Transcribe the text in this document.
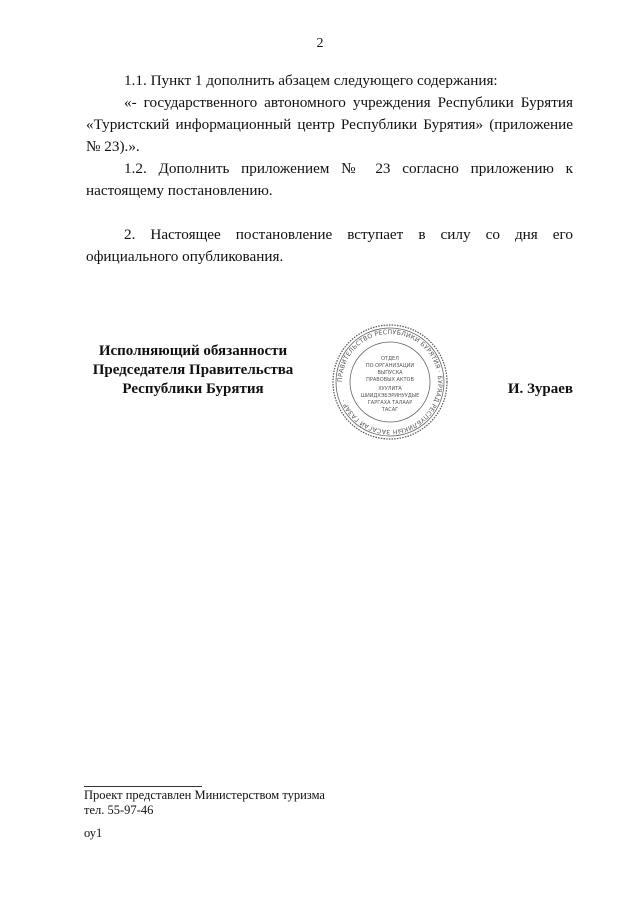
2

1.1. Пункт 1 дополнить абзацем следующего содержания:

«- государственного автономного учреждения Республики Бурятия «Туристский информационный центр Республики Бурятия» (приложение № 23).».

1.2. Дополнить приложением № 23 согласно приложению к настоящему постановлению.

2. Настоящее постановление вступает в силу со дня его официального опубликования.

Исполняющий обязанности
Председателя Правительства
Республики Бурятия
ПРАВИТЕЛЬСТВО РЕСПУБЛИКИ БУРЯТИЯ · БУРЯАД РЕСПУБЛИКЫН ЗАСАГАЙ ГАЗАР ·
ОТДЕЛ
ПО ОРГАНИЗАЦИИ
ВЫПУСКА
ПРАВОВЫХ АКТОВ
ХУУЛИТА
ШИИДХЭБЭРИНУУДЫЕ
ГАРГАХА ТАЛААР
ТАСАГ
И. Зураев
Проект представлен Министерством туризма
тел. 55-97-46
оу1
